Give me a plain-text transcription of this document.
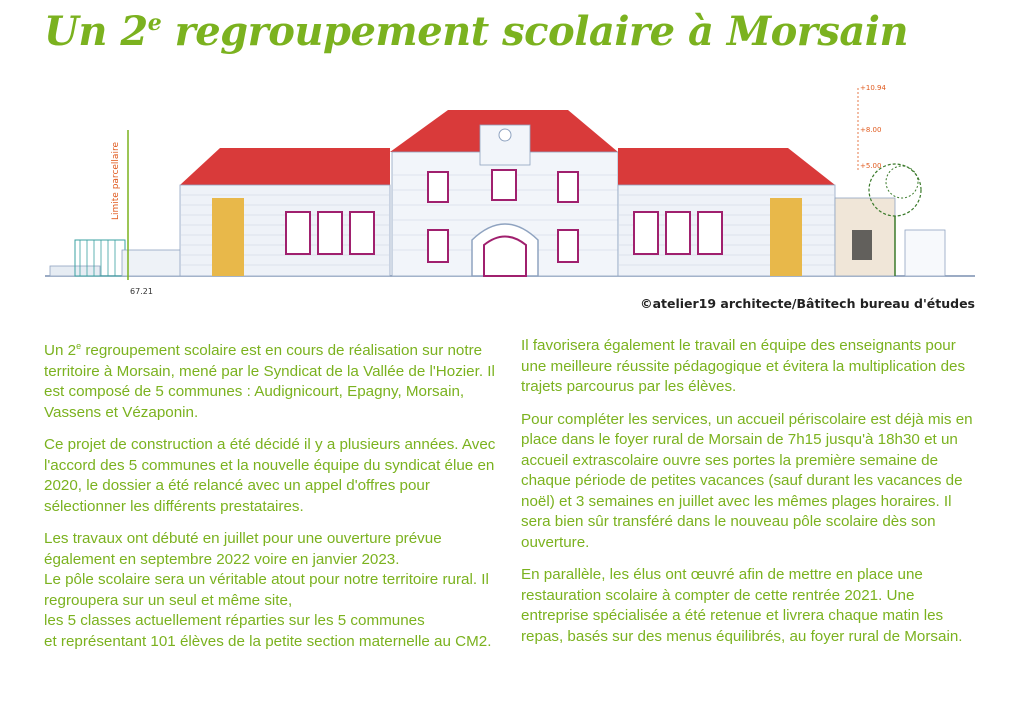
Un 2e regroupement scolaire à Morsain
Limite parcellaire
67.21
+10.94
+8.00
+5.00
©atelier19 architecte/Bâtitech bureau d'études

Un 2e regroupement scolaire est en cours de réalisation sur notre territoire à Morsain, mené par le Syndicat de la Vallée de l'Hozier. Il est composé de 5 communes : Audignicourt, Epagny, Morsain, Vassens et Vézaponin.

Ce projet de construction a été décidé il y a plusieurs années. Avec l'accord des 5 communes et la nouvelle équipe du syndicat élue en 2020, le dossier a été relancé avec un appel d'offres pour sélectionner les différents prestataires.

Les travaux ont débuté en juillet pour une ouverture prévue également en septembre 2022 voire en janvier 2023.

Le pôle scolaire sera un véritable atout pour notre territoire rural. Il regroupera sur un seul et même site,

les 5 classes actuellement réparties sur les 5 communes

et représentant 101 élèves de la petite section maternelle au CM2.

Il favorisera également le travail en équipe des enseignants pour une meilleure réussite pédagogique et évitera la multiplication des trajets parcourus par les élèves.

Pour compléter les services, un accueil périscolaire est déjà mis en place dans le foyer rural de Morsain de 7h15 jusqu'à 18h30 et un accueil extrascolaire ouvre ses portes la première semaine de chaque période de petites vacances (sauf durant les vacances de noël) et 3 semaines en juillet avec les mêmes plages horaires. Il sera bien sûr transféré dans le nouveau pôle scolaire dès son ouverture.

En parallèle, les élus ont œuvré afin de mettre en place une restauration scolaire à compter de cette rentrée 2021. Une entreprise spécialisée a été retenue et livrera chaque matin les repas, basés sur des menus équilibrés, au foyer rural de Morsain.
